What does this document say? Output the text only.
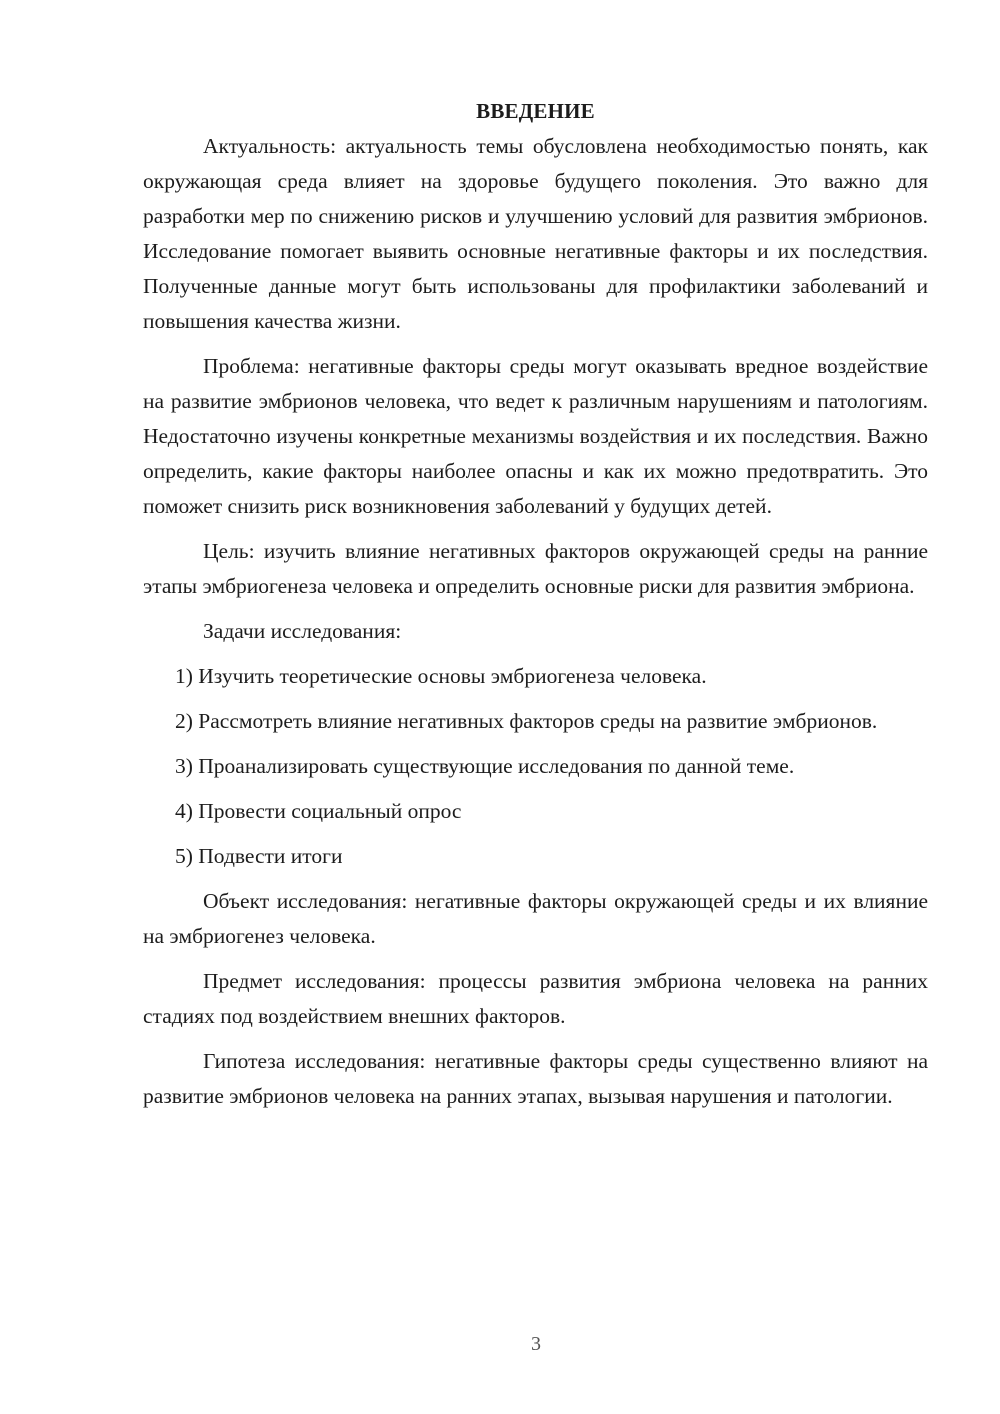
ВВЕДЕНИЕ

Актуальность: актуальность темы обусловлена необходимостью понять, как окружающая среда влияет на здоровье будущего поколения. Это важно для разработки мер по снижению рисков и улучшению условий для развития эмбрионов. Исследование помогает выявить основные негативные факторы и их последствия. Полученные данные могут быть использованы для профилактики заболеваний и повышения качества жизни.

Проблема: негативные факторы среды могут оказывать вредное воздействие на развитие эмбрионов человека, что ведет к различным нарушениям и патологиям. Недостаточно изучены конкретные механизмы воздействия и их последствия. Важно определить, какие факторы наиболее опасны и как их можно предотвратить. Это поможет снизить риск возникновения заболеваний у будущих детей.

Цель: изучить влияние негативных факторов окружающей среды на ранние этапы эмбриогенеза человека и определить основные риски для развития эмбриона.

Задачи исследования:

1) Изучить теоретические основы эмбриогенеза человека.

2) Рассмотреть влияние негативных факторов среды на развитие эмбрионов.

3) Проанализировать существующие исследования по данной теме.

4) Провести социальный опрос

5) Подвести итоги

Объект исследования: негативные факторы окружающей среды и их влияние на эмбриогенез человека.

Предмет исследования: процессы развития эмбриона человека на ранних стадиях под воздействием внешних факторов.

Гипотеза исследования: негативные факторы среды существенно влияют на развитие эмбрионов человека на ранних этапах, вызывая нарушения и патологии.

3
